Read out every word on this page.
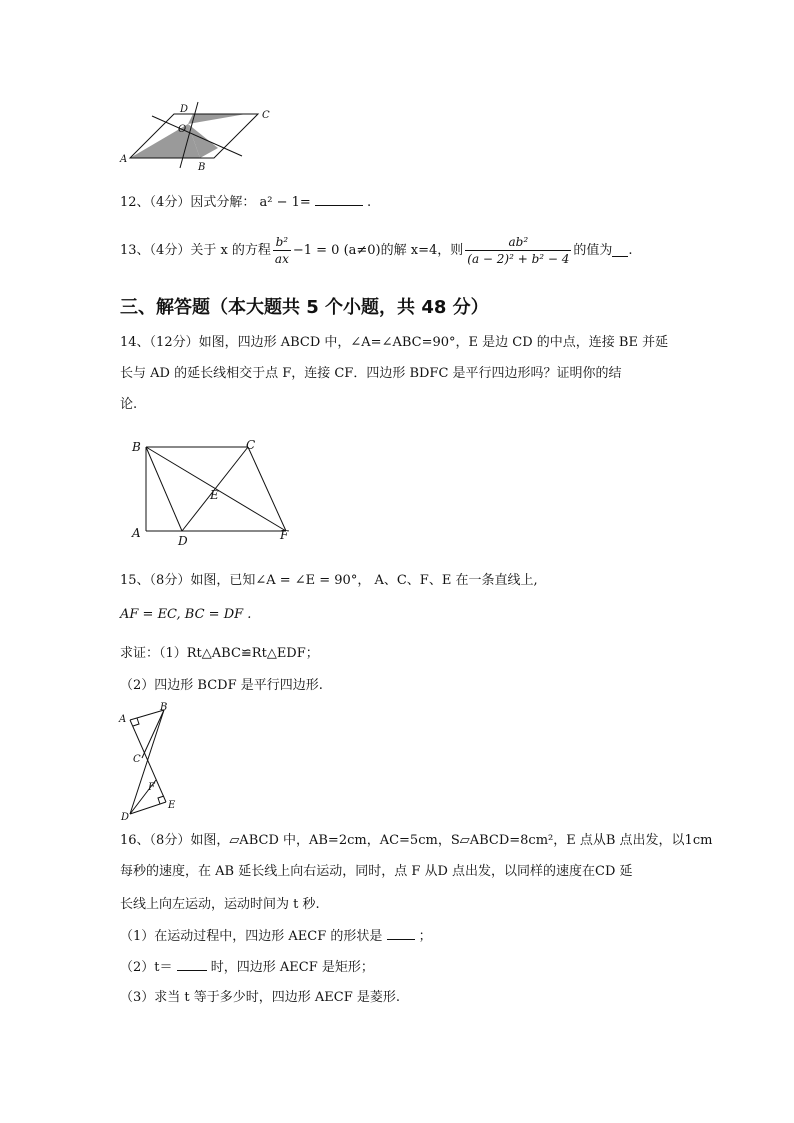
A
B
C
D
O
12、（4分）因式分解： a² − 1=	.
13、（4分）关于 x 的方程 $\frac{\text{b²}}{ax} -1 = 0$ (a≠0)的解 x=4，则 $\frac{\text{ab²}}{\text{(a − 2)² + b² − 4}}$ 的值为 .
三、解答题（本大题共 5 个小题，共 48 分）
14、（12分）如图，四边形 ABCD 中，∠A=∠ABC=90°，E 是边 CD 的中点，连接 BE 并延
长与 AD 的延长线相交于点 F，连接 CF．四边形 BDFC 是平行四边形吗？证明你的结
论.
B	C
E
A
D	F
15、（8分）如图，已知∠A = ∠E = 90°， A、C、F、E 在一条直线上,
AF = EC, BC = DF .
求证：（1）Rt△ABC≌Rt△EDF；
（2）四边形 BCDF 是平行四边形.
A
B
C
F
D
E
16、（8分）如图，▱ABCD 中，AB=2cm，AC=5cm，S▱ABCD=8cm²，E 点从B 点出发，以1cm
每秒的速度，在 AB 延长线上向右运动，同时，点 F 从D 点出发，以同样的速度在CD 延
长线上向左运动，运动时间为 t 秒.
（1）在运动过程中，四边形 AECF 的形状是	；
（2）t＝	时，四边形 AECF 是矩形；
（3）求当 t 等于多少时，四边形 AECF 是菱形.
